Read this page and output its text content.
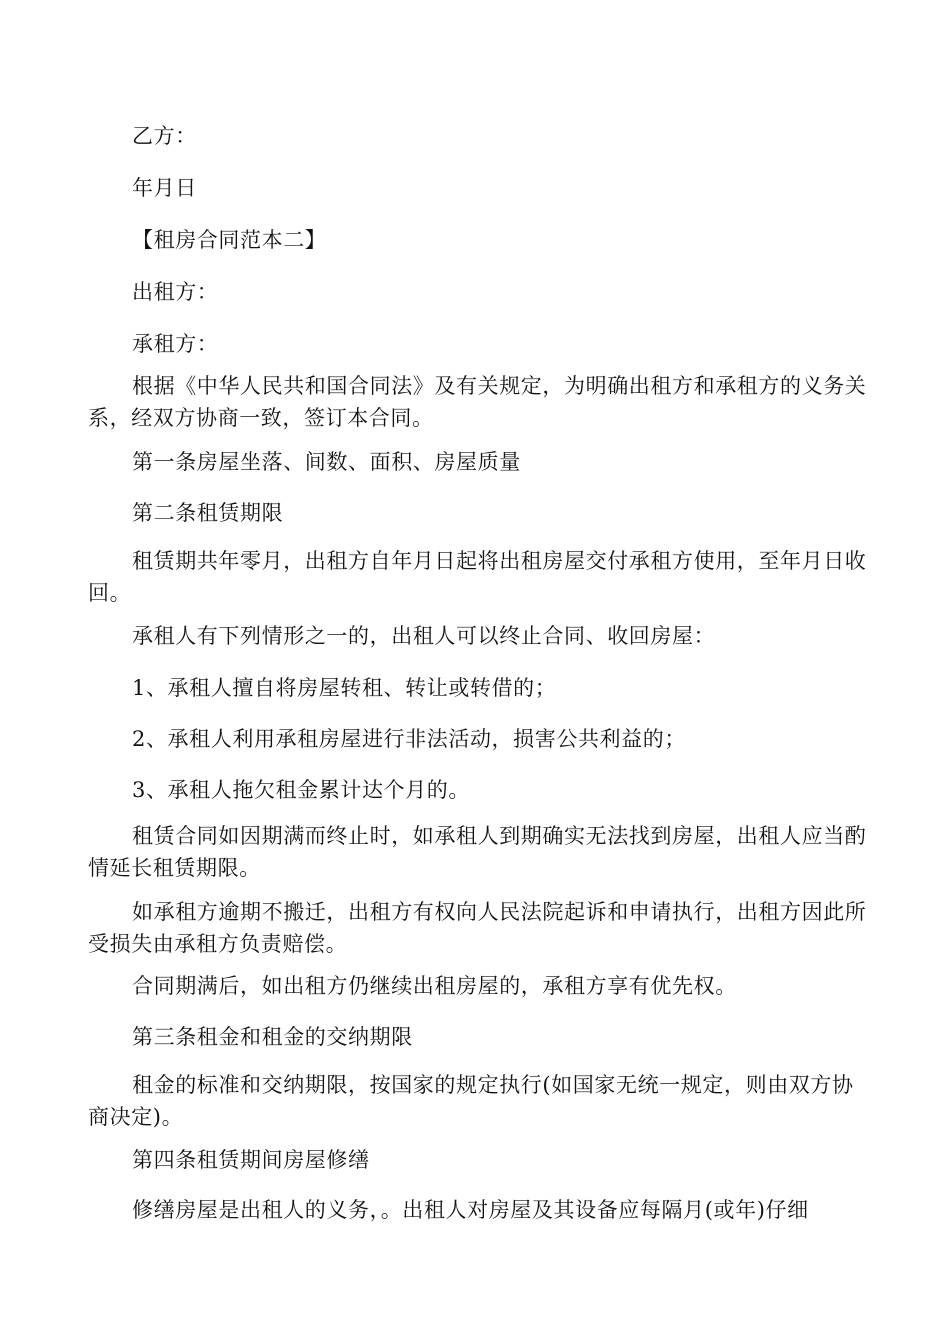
乙方：

年月日

【租房合同范本二】

出租方：

承租方：

根据《中华人民共和国合同法》及有关规定，为明确出租方和承租方的义务关系，经双方协商一致，签订本合同。

第一条房屋坐落、间数、面积、房屋质量

第二条租赁期限

租赁期共年零月，出租方自年月日起将出租房屋交付承租方使用，至年月日收回。

承租人有下列情形之一的，出租人可以终止合同、收回房屋：

1、承租人擅自将房屋转租、转让或转借的；

2、承租人利用承租房屋进行非法活动，损害公共利益的；

3、承租人拖欠租金累计达个月的。

租赁合同如因期满而终止时，如承租人到期确实无法找到房屋，出租人应当酌情延长租赁期限。

如承租方逾期不搬迁，出租方有权向人民法院起诉和申请执行，出租方因此所受损失由承租方负责赔偿。

合同期满后，如出租方仍继续出租房屋的，承租方享有优先权。

第三条租金和租金的交纳期限

租金的标准和交纳期限，按国家的规定执行(如国家无统一规定，则由双方协商决定)。

第四条租赁期间房屋修缮

修缮房屋是出租人的义务，。出租人对房屋及其设备应每隔月(或年)仔细
